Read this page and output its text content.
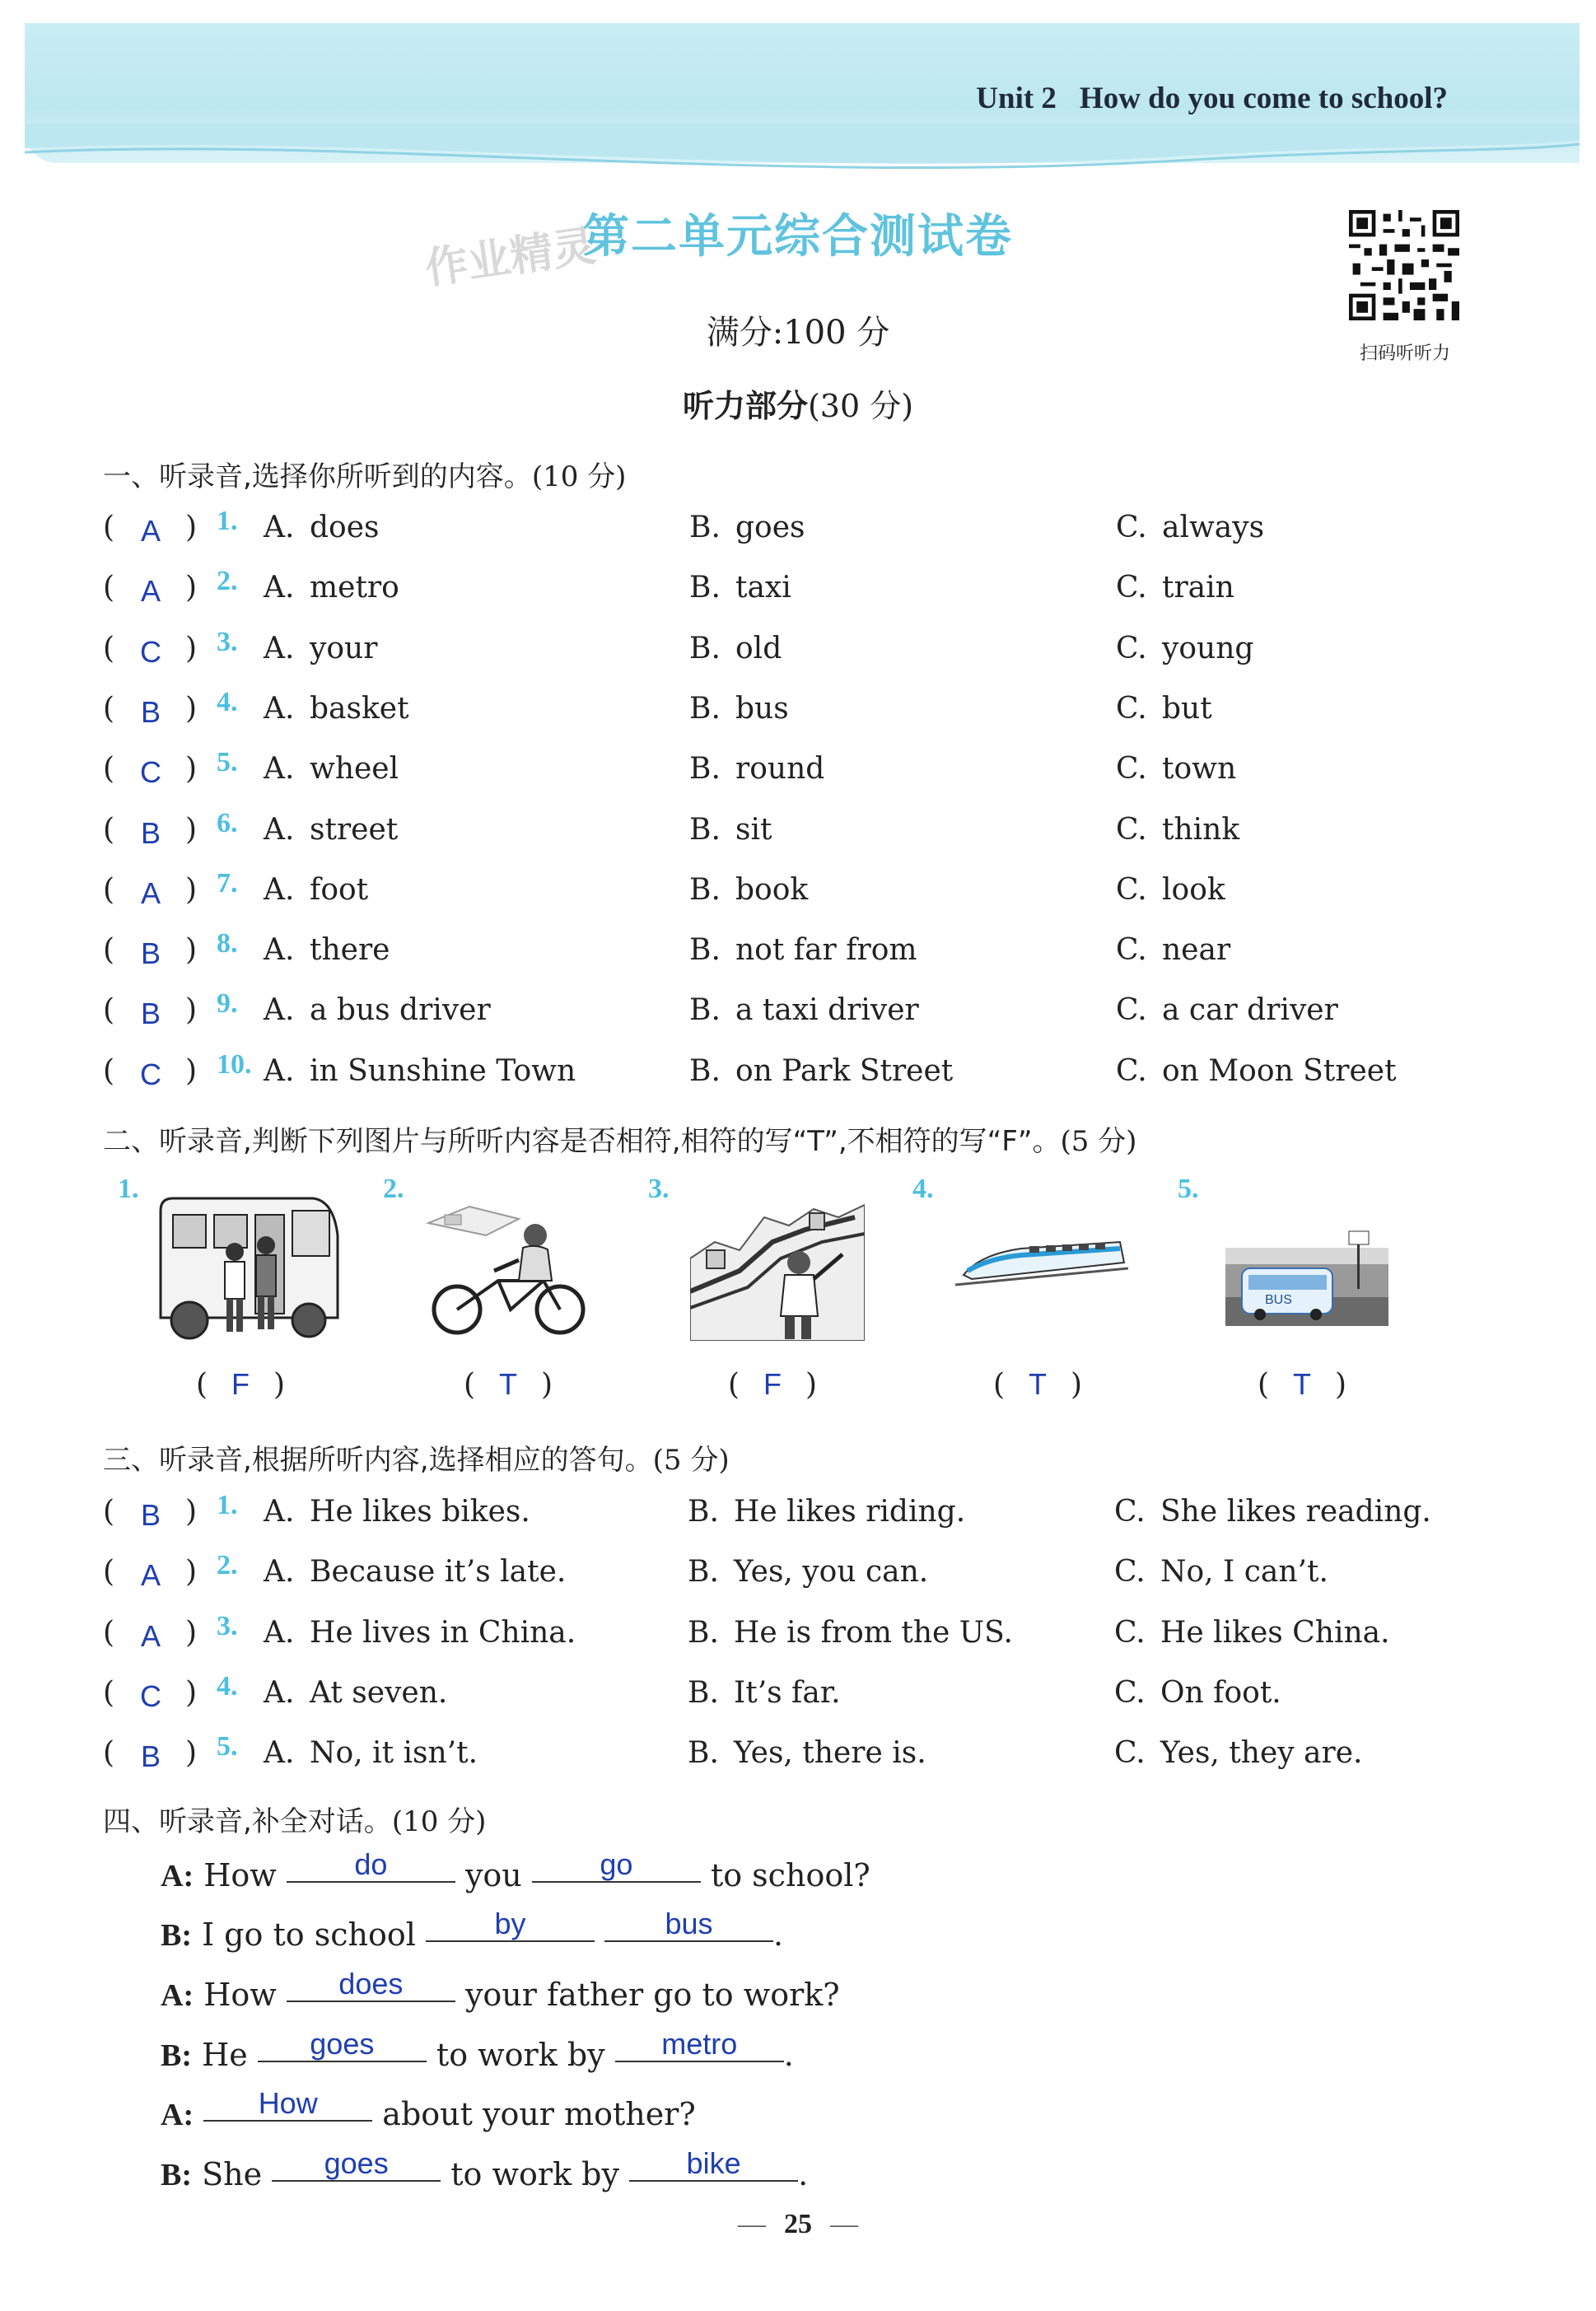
Unit 2 How do you come to school?
作业精灵
第二单元综合测试卷
扫码听听力
满分:100 分
听力部分(30 分)
一、听录音,选择你所听到的内容。(10 分)
( )
A 1. A. does	B. goes	C. always
( )
A 2. A. metro	B. taxi	C. train
( )
C 3. A. your	B. old	C. young
( )
B 4. A. basket	B. bus	C. but
( )
C 5. A. wheel	B. round	C. town
( )
B 6. A. street	B. sit	C. think
( )
A 7. A. foot	B. book	C. look
( )
B 8. A. there	B. not far from	C. near
( )
B 9. A. a bus driver	B. a taxi driver	C. a car driver
( )
C 10. A. in Sunshine Town	B. on Park Street	C. on Moon Street
二、听录音,判断下列图片与所听内容是否相符,相符的写“T”,不相符的写“F”。(5 分)
1.
( F )
2.
( T )
3.
( F )
4.
( T )
5.
BUS
( T )
三、听录音,根据所听内容,选择相应的答句。(5 分)
( )
B 1. A. He likes bikes.	B. He likes riding.	C. She likes reading.
( )
A 2. A. Because it’s late.	B. Yes, you can.	C. No, I can’t.
( )
A 3. A. He lives in China.	B. He is from the US.	C. He likes China.
( )
C 4. A. At seven.	B. It’s far.	C. On foot.
( )
B 5. A. No, it isn’t.	B. Yes, there is.	C. Yes, they are.
四、听录音,补全对话。(10 分)
A: How	do you	go to school?
B: I go to school	by	bus .
A: How does your father go to work?
B: He goes to work by metro .
A: How about your mother?
B: She goes to work by bike .
— 25 —
